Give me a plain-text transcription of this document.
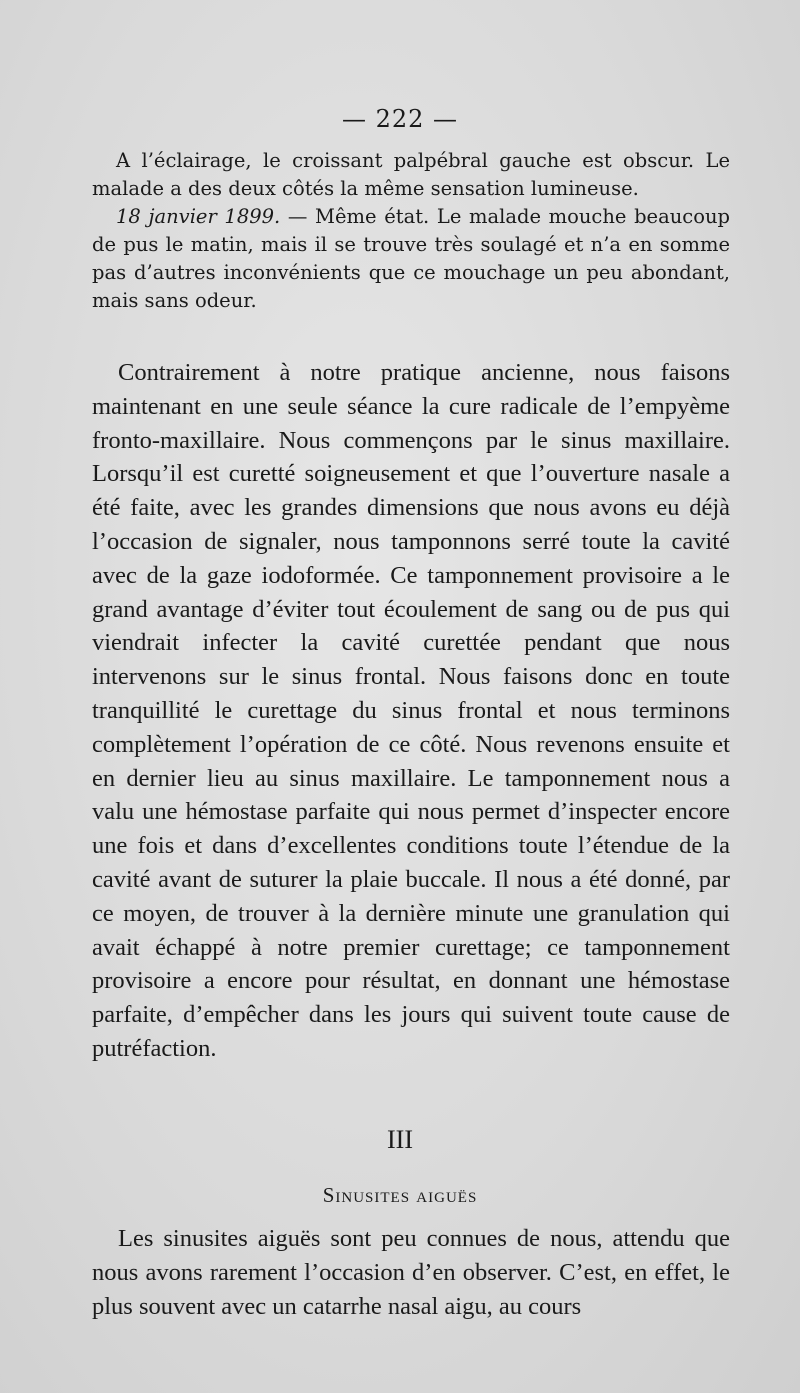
— 222 —

A l’éclairage, le croissant palpébral gauche est obscur. Le malade a des deux côtés la même sensation lumineuse.

18 janvier 1899. — Même état. Le malade mouche beaucoup de pus le matin, mais il se trouve très soulagé et n’a en somme pas d’autres inconvénients que ce mouchage un peu abondant, mais sans odeur.

Contrairement à notre pratique ancienne, nous faisons maintenant en une seule séance la cure radicale de l’empyème fronto-maxillaire. Nous commençons par le sinus maxillaire. Lorsqu’il est curetté soigneusement et que l’ouverture nasale a été faite, avec les grandes dimensions que nous avons eu déjà l’occasion de signaler, nous tamponnons serré toute la cavité avec de la gaze iodoformée. Ce tamponnement provisoire a le grand avantage d’éviter tout écoulement de sang ou de pus qui viendrait infecter la cavité curettée pendant que nous intervenons sur le sinus frontal. Nous faisons donc en toute tranquillité le curettage du sinus frontal et nous terminons complètement l’opération de ce côté. Nous revenons ensuite et en dernier lieu au sinus maxillaire. Le tamponnement nous a valu une hémostase parfaite qui nous permet d’inspecter encore une fois et dans d’excellentes conditions toute l’étendue de la cavité avant de suturer la plaie buccale. Il nous a été donné, par ce moyen, de trouver à la dernière minute une granulation qui avait échappé à notre premier curettage; ce tamponnement provisoire a encore pour résultat, en donnant une hémostase parfaite, d’empêcher dans les jours qui suivent toute cause de putréfaction.

III
Sinusites aiguës

Les sinusites aiguës sont peu connues de nous, attendu que nous avons rarement l’occasion d’en observer. C’est, en effet, le plus souvent avec un catarrhe nasal aigu, au cours
